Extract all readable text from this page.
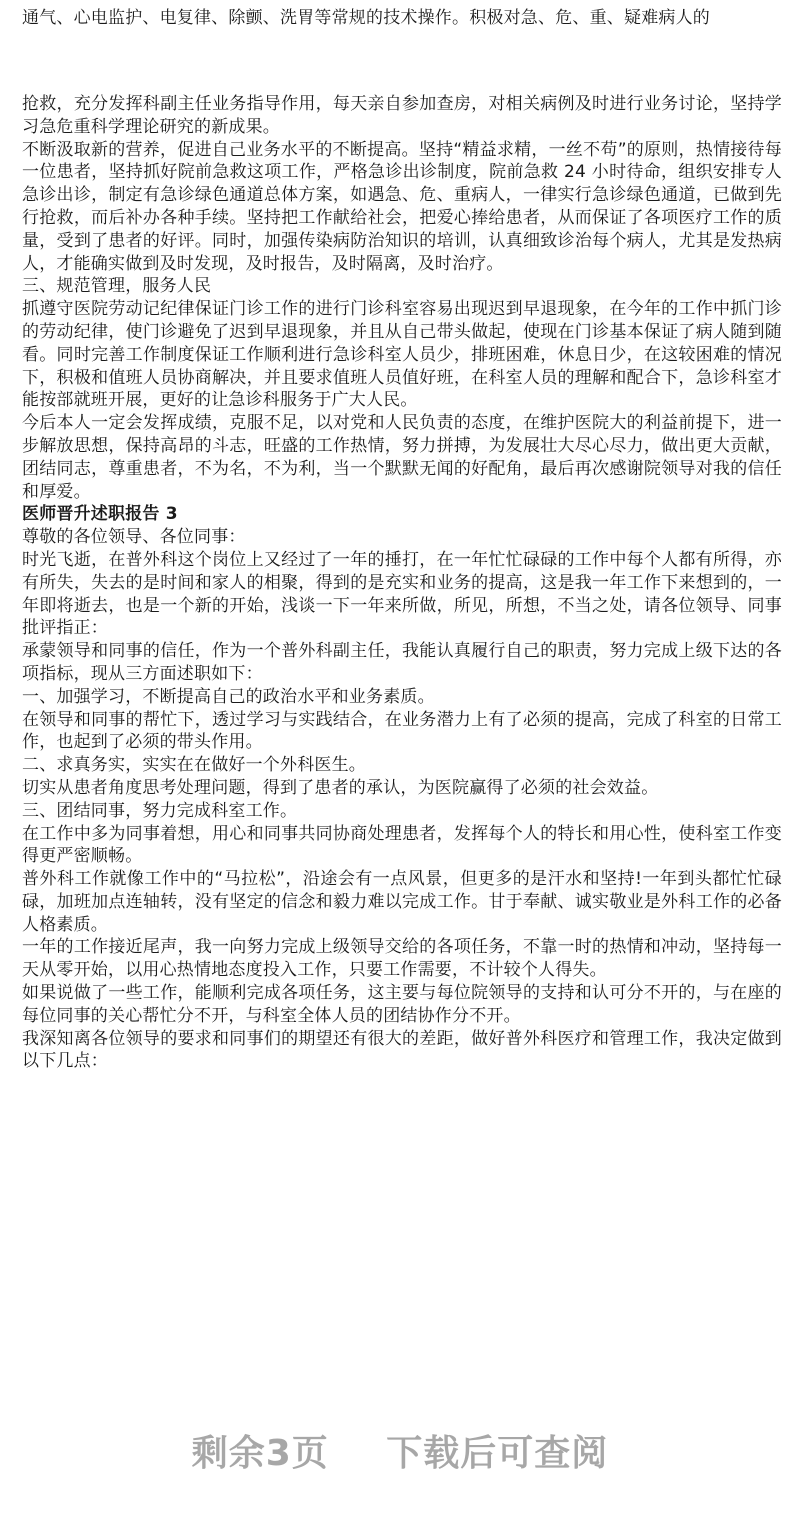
通气、心电监护、电复律、除颤、洗胃等常规的技术操作。积极对急、危、重、疑难病人的

抢救，充分发挥科副主任业务指导作用，每天亲自参加查房，对相关病例及时进行业务讨论，坚持学习急危重科学理论研究的新成果。

不断汲取新的营养，促进自己业务水平的不断提高。坚持“精益求精，一丝不苟”的原则，热情接待每一位患者，坚持抓好院前急救这项工作，严格急诊出诊制度，院前急救 24 小时待命，组织安排专人急诊出诊，制定有急诊绿色通道总体方案，如遇急、危、重病人，一律实行急诊绿色通道，已做到先行抢救，而后补办各种手续。坚持把工作献给社会，把爱心捧给患者，从而保证了各项医疗工作的质量，受到了患者的好评。同时，加强传染病防治知识的培训，认真细致诊治每个病人，尤其是发热病人，才能确实做到及时发现，及时报告，及时隔离，及时治疗。

三、规范管理，服务人民

抓遵守医院劳动记纪律保证门诊工作的进行门诊科室容易出现迟到早退现象，在今年的工作中抓门诊的劳动纪律，使门诊避免了迟到早退现象，并且从自己带头做起，使现在门诊基本保证了病人随到随看。同时完善工作制度保证工作顺利进行急诊科室人员少，排班困难，休息日少，在这较困难的情况下，积极和值班人员协商解决，并且要求值班人员值好班，在科室人员的理解和配合下，急诊科室才能按部就班开展，更好的让急诊科服务于广大人民。

今后本人一定会发挥成绩，克服不足，以对党和人民负责的态度，在维护医院大的利益前提下，进一步解放思想，保持高昂的斗志，旺盛的工作热情，努力拼搏，为发展壮大尽心尽力，做出更大贡献，团结同志，尊重患者，不为名，不为利，当一个默默无闻的好配角，最后再次感谢院领导对我的信任和厚爱。

医师晋升述职报告 3

尊敬的各位领导、各位同事：

时光飞逝，在普外科这个岗位上又经过了一年的捶打，在一年忙忙碌碌的工作中每个人都有所得，亦有所失，失去的是时间和家人的相聚，得到的是充实和业务的提高，这是我一年工作下来想到的，一年即将逝去，也是一个新的开始，浅谈一下一年来所做，所见，所想，不当之处，请各位领导、同事批评指正：

承蒙领导和同事的信任，作为一个普外科副主任，我能认真履行自己的职责，努力完成上级下达的各项指标，现从三方面述职如下：

一、加强学习，不断提高自己的政治水平和业务素质。

在领导和同事的帮忙下，透过学习与实践结合，在业务潜力上有了必须的提高，完成了科室的日常工作，也起到了必须的带头作用。

二、求真务实，实实在在做好一个外科医生。

切实从患者角度思考处理问题，得到了患者的承认，为医院赢得了必须的社会效益。

三、团结同事，努力完成科室工作。

在工作中多为同事着想，用心和同事共同协商处理患者，发挥每个人的特长和用心性，使科室工作变得更严密顺畅。

普外科工作就像工作中的“马拉松”，沿途会有一点风景，但更多的是汗水和坚持!一年到头都忙忙碌碌，加班加点连轴转，没有坚定的信念和毅力难以完成工作。甘于奉献、诚实敬业是外科工作的必备人格素质。

一年的工作接近尾声，我一向努力完成上级领导交给的各项任务，不靠一时的热情和冲动，坚持每一天从零开始，以用心热情地态度投入工作，只要工作需要，不计较个人得失。

如果说做了一些工作，能顺利完成各项任务，这主要与每位院领导的支持和认可分不开的，与在座的每位同事的关心帮忙分不开，与科室全体人员的团结协作分不开。

我深知离各位领导的要求和同事们的期望还有很大的差距，做好普外科医疗和管理工作，我决定做到以下几点：

剩余3页 下载后可查阅
